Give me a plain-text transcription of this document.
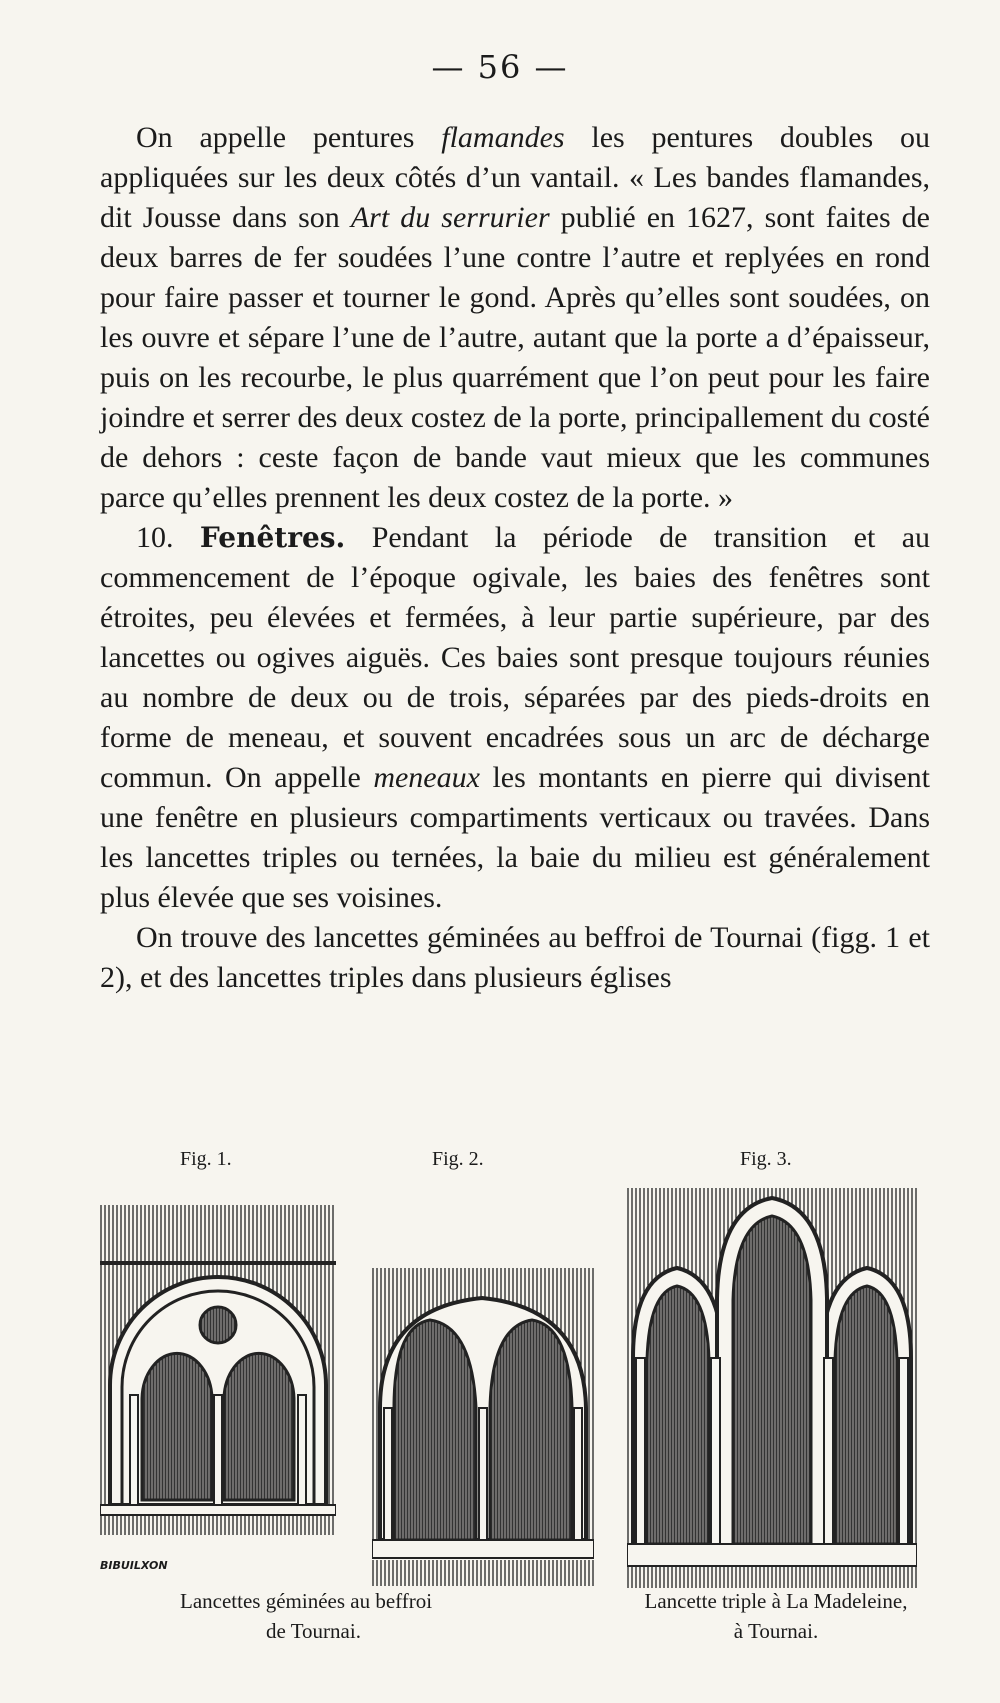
— 56 —

On appelle pentures flamandes les pentures doubles ou appliquées sur les deux côtés d’un vantail. « Les bandes flamandes, dit Jousse dans son Art du serrurier publié en 1627, sont faites de deux barres de fer soudées l’une contre l’autre et replyées en rond pour faire passer et tourner le gond. Après qu’elles sont soudées, on les ouvre et sépare l’une de l’autre, autant que la porte a d’épaisseur, puis on les recourbe, le plus quarrément que l’on peut pour les faire joindre et serrer des deux costez de la porte, principallement du costé de dehors : ceste façon de bande vaut mieux que les communes parce qu’elles prennent les deux costez de la porte. »

10. Fenêtres. Pendant la période de transition et au commencement de l’époque ogivale, les baies des fenêtres sont étroites, peu élevées et fermées, à leur partie supérieure, par des lancettes ou ogives aiguës. Ces baies sont presque toujours réunies au nombre de deux ou de trois, séparées par des pieds-droits en forme de meneau, et souvent encadrées sous un arc de décharge commun. On appelle meneaux les montants en pierre qui divisent une fenêtre en plusieurs compartiments verticaux ou travées. Dans les lancettes triples ou ternées, la baie du milieu est généralement plus élevée que ses voisines.

On trouve des lancettes géminées au beffroi de Tournai (figg. 1 et 2), et des lancettes triples dans plusieurs églises

Fig. 1.	Fig. 2.	Fig. 3.
BIBUILXON
Lancettes géminées au beffroi
de Tournai.
Lancette triple à La Madeleine,
à Tournai.
